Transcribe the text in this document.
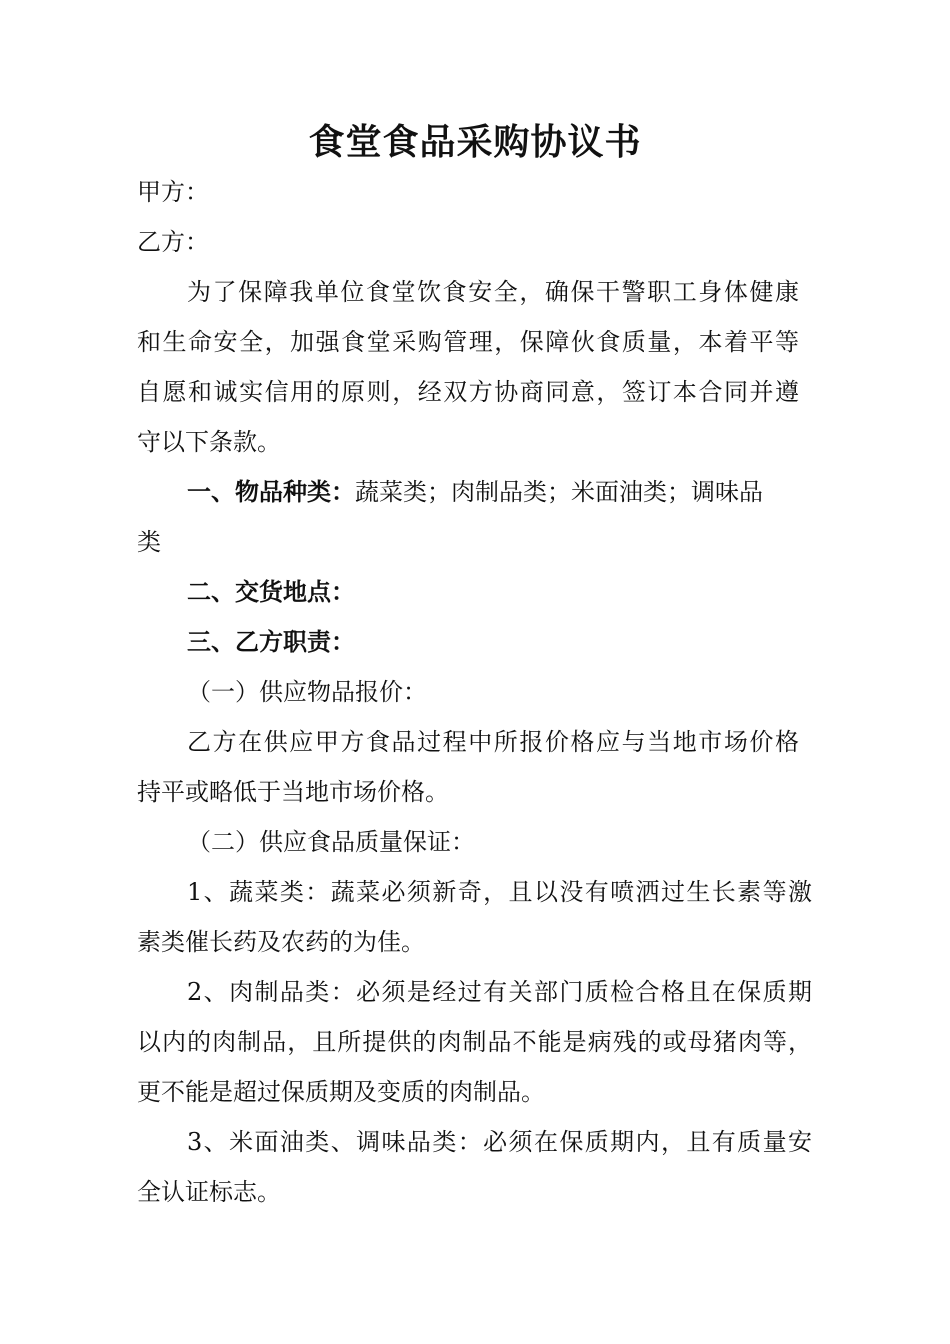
食堂食品采购协议书
甲方：
乙方：
为了保障我单位食堂饮食安全，确保干警职工身体健康
和生命安全，加强食堂采购管理，保障伙食质量，本着平等
自愿和诚实信用的原则，经双方协商同意，签订本合同并遵
守以下条款。
一、物品种类：蔬菜类；肉制品类；米面油类；调味品
类
二、交货地点：
三、乙方职责：
（一）供应物品报价：
乙方在供应甲方食品过程中所报价格应与当地市场价格
持平或略低于当地市场价格。
（二）供应食品质量保证：
1、蔬菜类：蔬菜必须新奇，且以没有喷洒过生长素等激
素类催长药及农药的为佳。
2、肉制品类：必须是经过有关部门质检合格且在保质期
以内的肉制品，且所提供的肉制品不能是病残的或母猪肉等，
更不能是超过保质期及变质的肉制品。
3、米面油类、调味品类：必须在保质期内，且有质量安
全认证标志。
